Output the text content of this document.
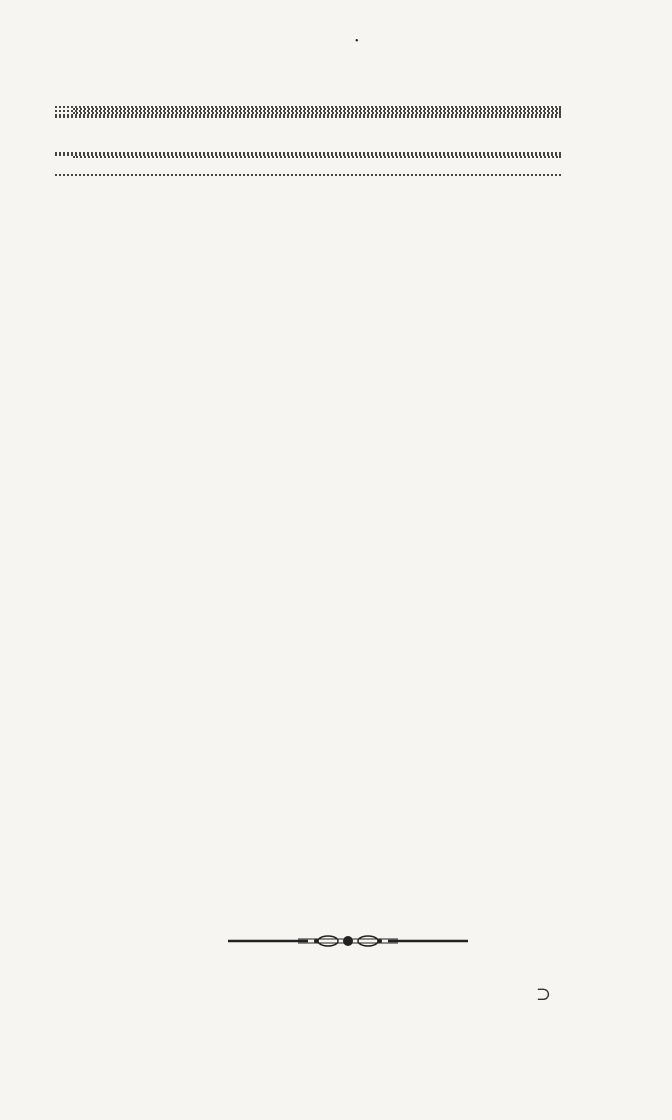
•

⊃
